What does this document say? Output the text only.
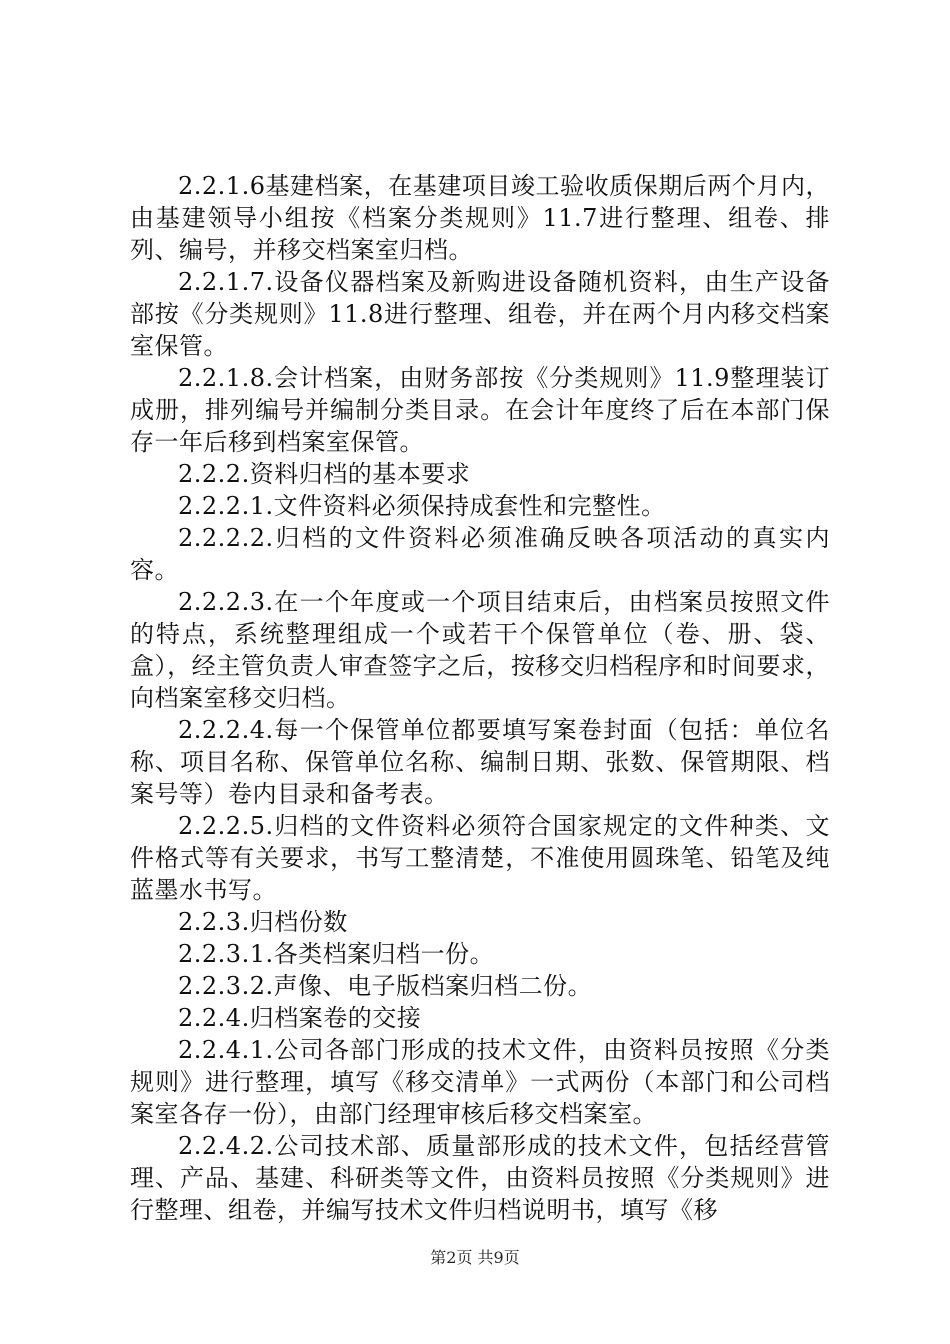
2.2.1.6基建档案，在基建项目竣工验收质保期后两个月内，由基建领导小组按《档案分类规则》11.7进行整理、组卷、排列、编号，并移交档案室归档。

2.2.1.7.设备仪器档案及新购进设备随机资料，由生产设备部按《分类规则》11.8进行整理、组卷，并在两个月内移交档案室保管。

2.2.1.8.会计档案，由财务部按《分类规则》11.9整理装订成册，排列编号并编制分类目录。在会计年度终了后在本部门保存一年后移到档案室保管。

2.2.2.资料归档的基本要求

2.2.2.1.文件资料必须保持成套性和完整性。

2.2.2.2.归档的文件资料必须准确反映各项活动的真实内容。

2.2.2.3.在一个年度或一个项目结束后，由档案员按照文件的特点，系统整理组成一个或若干个保管单位（卷、册、袋、盒），经主管负责人审查签字之后，按移交归档程序和时间要求，向档案室移交归档。

2.2.2.4.每一个保管单位都要填写案卷封面（包括：单位名称、项目名称、保管单位名称、编制日期、张数、保管期限、档案号等）卷内目录和备考表。

2.2.2.5.归档的文件资料必须符合国家规定的文件种类、文件格式等有关要求，书写工整清楚，不准使用圆珠笔、铅笔及纯蓝墨水书写。

2.2.3.归档份数

2.2.3.1.各类档案归档一份。

2.2.3.2.声像、电子版档案归档二份。

2.2.4.归档案卷的交接

2.2.4.1.公司各部门形成的技术文件，由资料员按照《分类规则》进行整理，填写《移交清单》一式两份（本部门和公司档案室各存一份），由部门经理审核后移交档案室。

2.2.4.2.公司技术部、质量部形成的技术文件，包括经营管理、产品、基建、科研类等文件，由资料员按照《分类规则》进行整理、组卷，并编写技术文件归档说明书，填写《移

第2页 共9页
